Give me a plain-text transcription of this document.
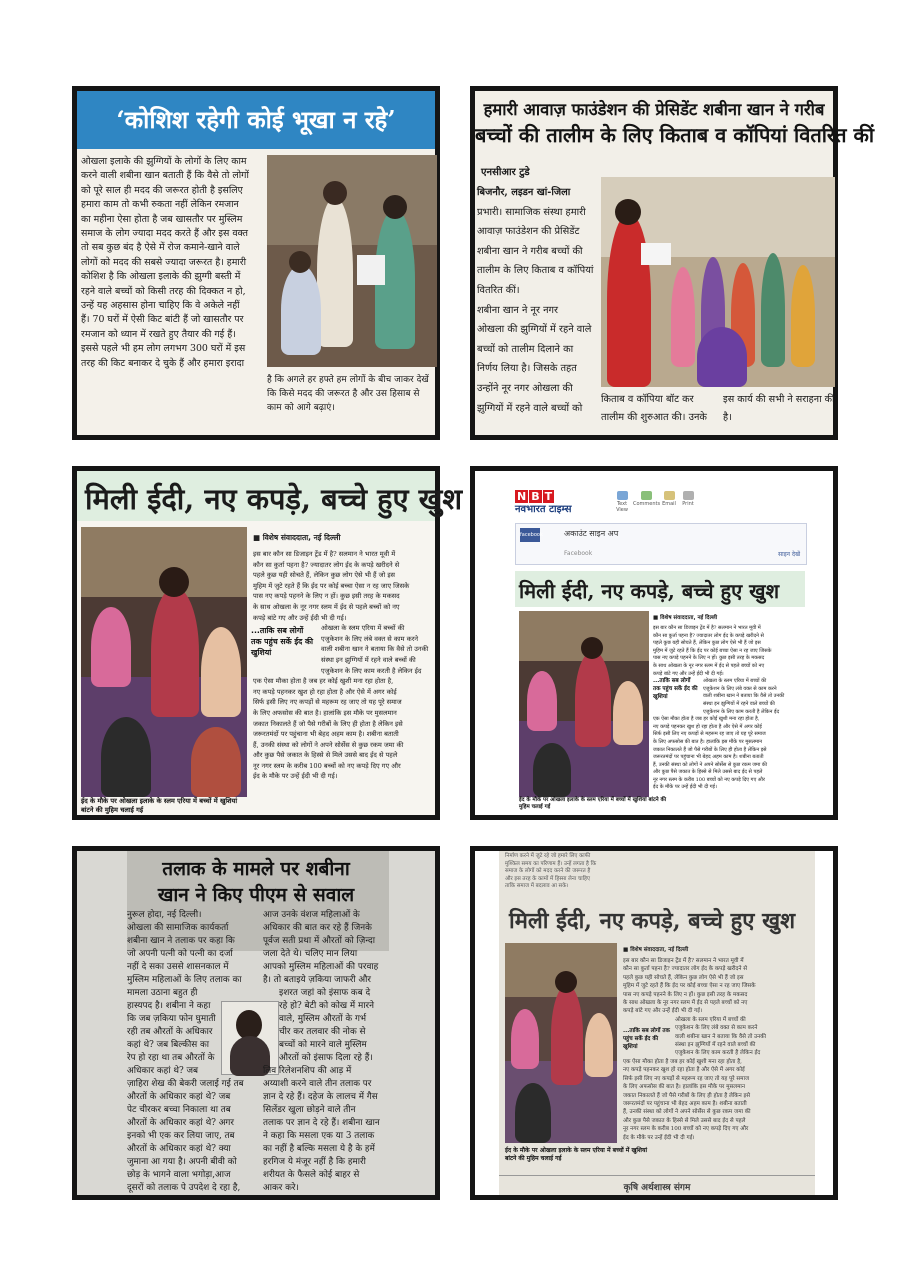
‘कोशिश रहेगी कोई भूखा न रहे’
ओखला इलाके की झुग्गियों के लोगों के लिए काम
करने वाली शबीना खान बताती हैं कि वैसे तो लोगों
को पूरे साल ही मदद की जरूरत होती है इसलिए
हमारा काम तो कभी रुकता नहीं लेकिन रमजान
का महीना ऐसा होता है जब खासतौर पर मुस्लिम
समाज के लोग ज्यादा मदद करते हैं और इस वक्त
तो सब कुछ बंद है ऐसे में रोज कमाने-खाने वाले
लोगों को मदद की सबसे ज्यादा जरूरत है। हमारी
कोशिश है कि ओखला इलाके की झुग्गी बस्ती में
रहने वाले बच्चों को किसी तरह की दिक्कत न हो,
उन्हें यह अहसास होना चाहिए कि वे अकेले नहीं
हैं। 70 घरों में ऐसी किट बांटी हैं जो खासतौर पर
रमजान को ध्यान में रखते हुए तैयार की गई हैं।
इससे पहले भी हम लोग लगभग 300 घरों में इस
तरह की किट बनाकर दे चुके हैं और हमारा इरादा
है कि अगले हर हफ्ते हम लोगों के बीच जाकर देखें
कि किसे मदद की जरूरत है और उस हिसाब से
काम को आगे बढ़ाएं।
हमारी आवाज़ फाउंडेशन की प्रेसिडेंट शबीना खान ने गरीब
बच्चों की तालीम के लिए किताब व कॉपियां वितरित कीं
एनसीआर टुडे
बिजनौर, लइडन खां-जिला
प्रभारी। सामाजिक संस्था हमारी
आवाज़ फाउंडेशन की प्रेसिडेंट
शबीना खान ने गरीब बच्चों की
तालीम के लिए किताब व कॉपियां
वितरित कीं।
शबीना खान ने नूर नगर
ओखला की झुग्गियों में रहने वाले
बच्चों को तालीम दिलाने का
निर्णय लिया है। जिसके तहत
उन्होंने नूर नगर ओखला की
झुग्गियों में रहने वाले बच्चों को
किताब व कॉपिया बॉट कर
तालीम की शुरुआत की। उनके
इस कार्य की सभी ने सराहना की
है।
मिली ईदी, नए कपड़े, बच्चे हुए खुश
■ विशेष संवाददाता, नई दिल्ली
...ताकि सब लोगों तक पहुंच सकें ईद की खुशियां
इस बार कौन सा डिजाइन ट्रेंड में है? सलमान ने भारत मूवी में
कौन सा कुर्ता पहना है? ज्यादातर लोग ईद के कपड़े खरीदने से
पहले कुछ यही सोचते हैं, लेकिन कुछ लोग ऐसे भी हैं जो इस
मुहिम में जुटे रहते हैं कि ईद पर कोई बच्चा ऐसा न रह जाए जिसके
पास नए कपड़े पहनने के लिए न हों। कुछ इसी तरह के मकसद
के साथ ओखला के नूर नगर स्लम में ईद से पहले बच्चों को नए
कपड़े बांटे गए और उन्हें ईदी भी दी गई।
ओखला के स्लम एरिया में बच्चों की
एजुकेशन के लिए लंबे वक्त से काम करने
वाली शबीना खान ने बताया कि वैसे तो उनकी
संस्था इन झुग्गियों में रहने वाले बच्चों की
एजुकेशन के लिए काम करती है लेकिन ईद
एक ऐसा मौका होता है जब हर कोई खुशी मना रहा होता है,
नए कपड़े पहनकर खुश हो रहा होता है और ऐसे में अगर कोई
सिर्फ इसी लिए नए कपड़ों से महरूम रह जाए तो यह पूरे समाज
के लिए अफसोस की बात है। हालांकि इस मौके पर मुसलमान
जकात निकालते हैं जो पैसे गरीबों के लिए ही होता है लेकिन इसे
जरूरतमंदों पर पहुंचाना भी बेहद अहम काम है। शबीना बताती
हैं, उनकी संस्था को लोगों ने अपने सोर्सेस से कुछ रकम जमा की
और कुछ पैसे जकात के हिस्से से मिले उससे बाद ईद से पहले
नूर नगर स्लम के करीब 100 बच्चों को नए कपड़े दिए गए और
ईद के मौके पर उन्हें ईदी भी दी गई।
ईद के मौके पर ओखला इलाके के स्लम एरिया में बच्चों में खुशियां बांटने की मुहिम चलाई गई
N B T
नवभारत टाइम्स	Text View
Comments Email	Print
facebook	अकाउंट साइन अप
Facebook	साइन देखें
मिली ईदी, नए कपड़े, बच्चे हुए खुश
■ विशेष संवाददाता, नई दिल्ली
...ताकि सब लोगों तक पहुंच सकें ईद की खुशियां
इस बार कौन सा डिजाइन ट्रेंड में है? सलमान ने भारत मूवी में
कौन सा कुर्ता पहना है? ज्यादातर लोग ईद के कपड़े खरीदने से
पहले कुछ यही सोचते हैं, लेकिन कुछ लोग ऐसे भी हैं जो इस
मुहिम में जुटे रहते हैं कि ईद पर कोई बच्चा ऐसा न रह जाए जिसके
पास नए कपड़े पहनने के लिए न हों। कुछ इसी तरह के मकसद
के साथ ओखला के नूर नगर स्लम में ईद से पहले बच्चों को नए
कपड़े बांटे गए और उन्हें ईदी भी दी गई।
ओखला के स्लम एरिया में बच्चों की
एजुकेशन के लिए लंबे वक्त से काम करने
वाली शबीना खान ने बताया कि वैसे तो उनकी
संस्था इन झुग्गियों में रहने वाले बच्चों की
एजुकेशन के लिए काम करती है लेकिन ईद
एक ऐसा मौका होता है जब हर कोई खुशी मना रहा होता है,
नए कपड़े पहनकर खुश हो रहा होता है और ऐसे में अगर कोई
सिर्फ इसी लिए नए कपड़ों से महरूम रह जाए तो यह पूरे समाज
के लिए अफसोस की बात है। हालांकि इस मौके पर मुसलमान
जकात निकालते हैं जो पैसे गरीबों के लिए ही होता है लेकिन इसे
जरूरतमंदों पर पहुंचाना भी बेहद अहम काम है। शबीना बताती
हैं, उनकी संस्था को लोगों ने अपने सोर्सेस से कुछ रकम जमा की
और कुछ पैसे जकात के हिस्से से मिले उससे बाद ईद से पहले
नूर नगर स्लम के करीब 100 बच्चों को नए कपड़े दिए गए और
ईद के मौके पर उन्हें ईदी भी दी गई।
ईद के मौके पर ओखला इलाके के स्लम एरिया में बच्चों में खुशियां बांटने की मुहिम चलाई गई
तलाक के मामले पर शबीना
खान ने किए पीएम से सवाल
नुरूल होदा, नई दिल्ली।
ओखला की सामाजिक कार्यकर्ता
शबीना खान ने तलाक पर कहा कि
जो अपनी पत्नी को पत्नी का दर्जा
नहीं दे सका उससे शासनकाल में
मुस्लिम महिलाओं के लिए तलाक का
मामला उठाना बहुत ही
हास्यपद है। शबीना ने कहा
कि जब ज़किया फोन घुमाती
रही तब औरतों के अधिकार
कहां थे? जब बिल्कीस का
रेप हो रहा था तब औरतों के
अधिकार कहां थे? जब
ज़ाहिरा शेख की बेकरी जलाई गई तब
औरतों के अधिकार कहां थे? जब
पेट चीरकर बच्चा निकाला था तब
औरतों के अधिकार कहां थे? अगर
इनको भी एक कर लिया जाए, तब
औरतों के अधिकार कहां थे? क्या
जुमाना आ गया है। अपनी बीवी को
छोड़ के भागने वाला भगोड़ा,आज
दूसरों को तलाक पे उपदेश दे रहा है,
आज उनके वंशज महिलाओं के
अधिकार की बात कर रहे हैं जिनके
पूर्वज सती प्रथा में औरतों को ज़िन्दा
जला देते थे। चलिए मान लिया
आपको मुस्लिम महिलाओं की परवाह
है। तो बताइये ज़किया जाफरी और
इशरत जहां को इंसाफ कब दे
रहे हो? बेटी को कोख में मारने
वाले, मुस्लिम औरतों के गर्भ
चीर कर तलवार की नोक से
बच्चों को मारने वाले मुस्लिम
औरतों को इंसाफ दिला रहे हैं।
लिव रिलेशनशिप की आड़ में
अय्याशी करने वाले तीन तलाक पर
ज्ञान दे रहे हैं। दहेज के लालच में गैस
सिलेंडर खुला छोड़ने वाले तीन
तलाक पर ज्ञान दे रहे हैं। शबीना खान
ने कहा कि मसला एक या 3 तलाक
का नहीं है बल्कि मसला ये है के हमें
हरगिज ये मंजूर नहीं है कि हमारी
शरीयत के फैसले कोई बाहर से
आकर करे।
निर्माण करने में जुटे रहे जो हमारे लिए काफी
मुश्किल समय का परिणाम हैं। उन्हें लगता है कि
समाज के लोगों को मदद करने की जरूरत है
और इस तरह के कामों में हिस्सा लेना चाहिए
ताकि समाज में बदलाव आ सके।
मिली ईदी, नए कपड़े, बच्चे हुए खुश
■ विशेष संवाददाता, नई दिल्ली
...ताकि सब लोगों तक पहुंच सकें ईद की खुशियां
इस बार कौन सा डिजाइन ट्रेंड में है? सलमान ने भारत मूवी में
कौन सा कुर्ता पहना है? ज्यादातर लोग ईद के कपड़े खरीदने से
पहले कुछ यही सोचते हैं, लेकिन कुछ लोग ऐसे भी हैं जो इस
मुहिम में जुटे रहते हैं कि ईद पर कोई बच्चा ऐसा न रह जाए जिसके
पास नए कपड़े पहनने के लिए न हों। कुछ इसी तरह के मकसद
के साथ ओखला के नूर नगर स्लम में ईद से पहले बच्चों को नए
कपड़े बांटे गए और उन्हें ईदी भी दी गई।
ओखला के स्लम एरिया में बच्चों की
एजुकेशन के लिए लंबे वक्त से काम करने
वाली शबीना खान ने बताया कि वैसे तो उनकी
संस्था इन झुग्गियों में रहने वाले बच्चों की
एजुकेशन के लिए काम करती है लेकिन ईद
एक ऐसा मौका होता है जब हर कोई खुशी मना रहा होता है,
नए कपड़े पहनकर खुश हो रहा होता है और ऐसे में अगर कोई
सिर्फ इसी लिए नए कपड़ों से महरूम रह जाए तो यह पूरे समाज
के लिए अफसोस की बात है। हालांकि इस मौके पर मुसलमान
जकात निकालते हैं जो पैसे गरीबों के लिए ही होता है लेकिन इसे
जरूरतमंदों पर पहुंचाना भी बेहद अहम काम है। शबीना बताती
हैं, उनकी संस्था को लोगों ने अपने सोर्सेस से कुछ रकम जमा की
और कुछ पैसे जकात के हिस्से से मिले उससे बाद ईद से पहले
नूर नगर स्लम के करीब 100 बच्चों को नए कपड़े दिए गए और
ईद के मौके पर उन्हें ईदी भी दी गई।
ईद के मौके पर ओखला इलाके के स्लम एरिया में बच्चों में खुशियां बांटने की मुहिम चलाई गई
कृषि अर्थशास्त्र संगम
